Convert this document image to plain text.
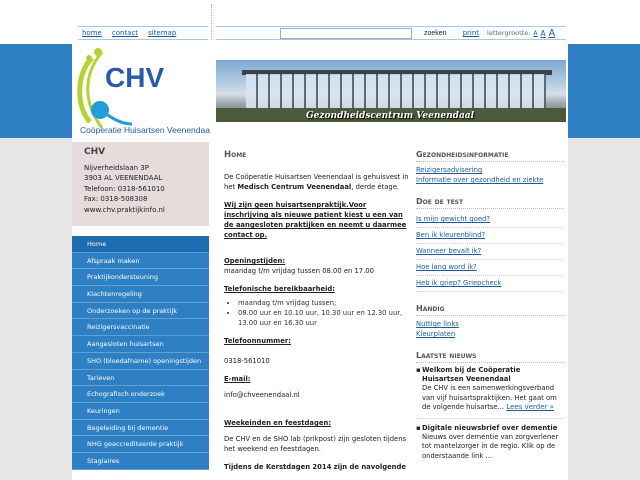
home	contact	sitemap	zoeken print lettergrootte: A A A
CHV
Coöperatie Huisartsen Veenendaal
Gezondheidscentrum Veenendaal
CHV
Nijverheidslaan 3P
3903 AL VEENENDAAL
Telefoon: 0318-561010
Fax: 0318-508308
www.chv.praktijkinfo.nl
Home
Afspraak maken
Praktijkondersteuning
Klachtenregeling
Onderzoeken op de praktijk
Reizigersvaccinatie
Aangesloten huisartsen
SHO (bloedafname) openingstijden
Tarieven
Echografisch onderzoek
Keuringen
Begeleiding bij dementie
NHG geaccrediteerde praktijk
Stagiaires
Home

De Coöperatie Huisartsen Veenendaal is gehuisvest in het Medisch Centrum Veenendaal, derde étage.

Wij zijn geen huisartsenpraktijk.Voor inschrijving als nieuwe patient kiest u een van de aangesloten praktijken en neemt u daarmee contact op.

Openingstijden:

maandag t/m vrijdag tussen 08.00 en 17.00

Telefonische bereikbaarheid:

• maandag t/m vrijdag tussen;
• 08.00 uur en 10.10 uur, 10.30 uur en 12.30 uur, 13.00 uur en 16.30 uur

Telefoonnummer:

0318-561010

E-mail:

info@chveenendaal.nl

Weekeinden en feestdagen:

De CHV en de SHO lab (prikpost) zijn gesloten tijdens het weekend en feestdagen.

Tijdens de Kerstdagen 2014 zijn de navolgende

Gezondheidsinformatie
Reizigersadvisering
Informatie over gezondheid en ziekte
Doe de test
Is mijn gewicht goed?
Ben ik kleurenblind?
Wanneer bevalt ik?
Hoe lang word ik?
Heb ik griep? Griepcheck
Handig
Nuttige links
Kleurplaten
Laatste nieuws
▪ Welkom bij de Coöperatie Huisartsen Veenendaal
De CHV is een samenwerkingsverband van vijf huisartspraktijken. Het gaat om de volgende huisartse... Lees verder »
▪ Digitale nieuwsbrief over dementie
Nieuws over dementie van zorgverlener tot mantelzorger in de regio. Klik op de onderstaande link ...
